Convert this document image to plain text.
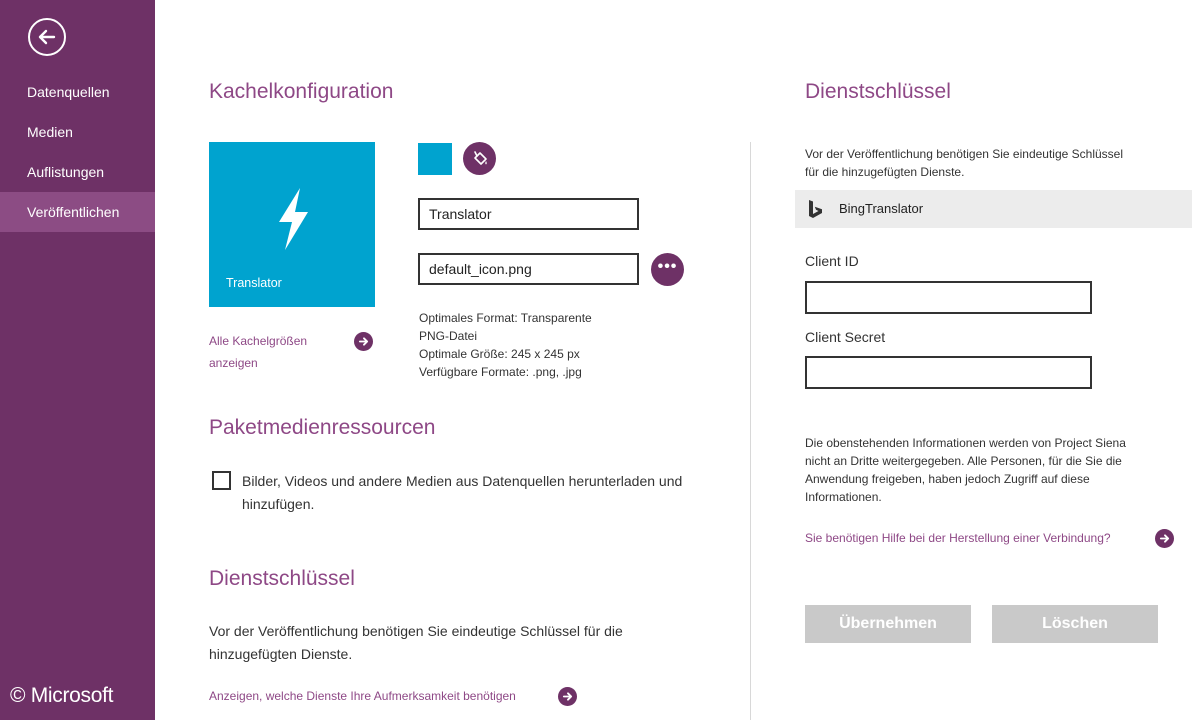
Datenquellen
Medien
Auflistungen
Veröffentlichen
© Microsoft
Kachelkonfiguration
Translator
Translator
default_icon.png
•••
Optimales Format: Transparente
PNG-Datei
Optimale Größe: 245 x 245 px
Verfügbare Formate: .png, .jpg
Alle Kachelgrößen
anzeigen
Paketmedienressourcen
Bilder, Videos und andere Medien aus Datenquellen herunterladen und
hinzufügen.
Dienstschlüssel
Vor der Veröffentlichung benötigen Sie eindeutige Schlüssel für die
hinzugefügten Dienste.
Anzeigen, welche Dienste Ihre Aufmerksamkeit benötigen
Dienstschlüssel
Vor der Veröffentlichung benötigen Sie eindeutige Schlüssel
für die hinzugefügten Dienste.
BingTranslator
Client ID
Client Secret
Die obenstehenden Informationen werden von Project Siena
nicht an Dritte weitergegeben. Alle Personen, für die Sie die
Anwendung freigeben, haben jedoch Zugriff auf diese
Informationen.
Sie benötigen Hilfe bei der Herstellung einer Verbindung?
Übernehmen	Löschen
